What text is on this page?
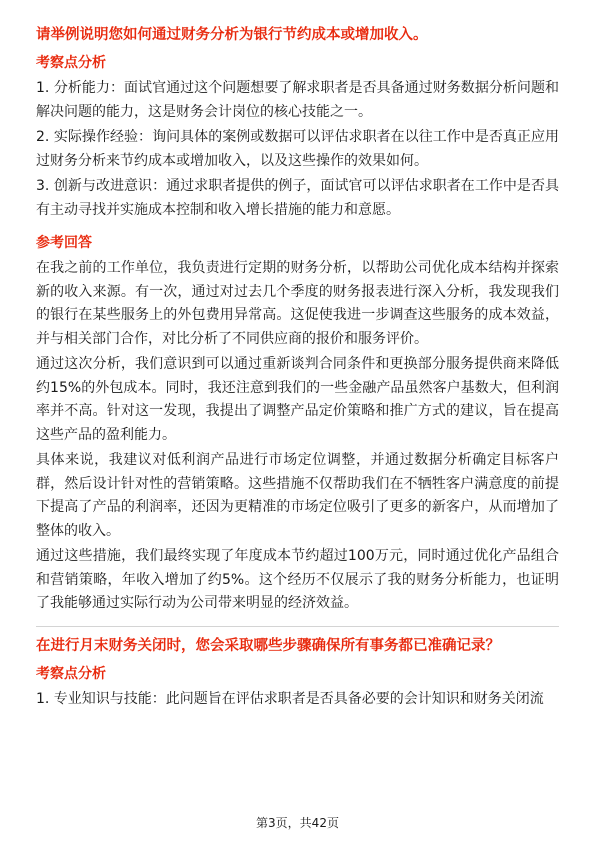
请举例说明您如何通过财务分析为银行节约成本或增加收入。
考察点分析
1. 分析能力：面试官通过这个问题想要了解求职者是否具备通过财务数据分析问题和解决问题的能力，这是财务会计岗位的核心技能之一。
2. 实际操作经验：询问具体的案例或数据可以评估求职者在以往工作中是否真正应用过财务分析来节约成本或增加收入，以及这些操作的效果如何。
3. 创新与改进意识：通过求职者提供的例子，面试官可以评估求职者在工作中是否具有主动寻找并实施成本控制和收入增长措施的能力和意愿。
参考回答
在我之前的工作单位，我负责进行定期的财务分析，以帮助公司优化成本结构并探索新的收入来源。有一次，通过对过去几个季度的财务报表进行深入分析，我发现我们的银行在某些服务上的外包费用异常高。这促使我进一步调查这些服务的成本效益，并与相关部门合作，对比分析了不同供应商的报价和服务评价。
通过这次分析，我们意识到可以通过重新谈判合同条件和更换部分服务提供商来降低约15%的外包成本。同时，我还注意到我们的一些金融产品虽然客户基数大，但利润率并不高。针对这一发现，我提出了调整产品定价策略和推广方式的建议，旨在提高这些产品的盈利能力。
具体来说，我建议对低利润产品进行市场定位调整，并通过数据分析确定目标客户群，然后设计针对性的营销策略。这些措施不仅帮助我们在不牺牲客户满意度的前提下提高了产品的利润率，还因为更精准的市场定位吸引了更多的新客户，从而增加了整体的收入。
通过这些措施，我们最终实现了年度成本节约超过100万元，同时通过优化产品组合和营销策略，年收入增加了约5%。这个经历不仅展示了我的财务分析能力，也证明了我能够通过实际行动为公司带来明显的经济效益。
在进行月末财务关闭时，您会采取哪些步骤确保所有事务都已准确记录？
考察点分析
1. 专业知识与技能：此问题旨在评估求职者是否具备必要的会计知识和财务关闭流
第3页，共42页
